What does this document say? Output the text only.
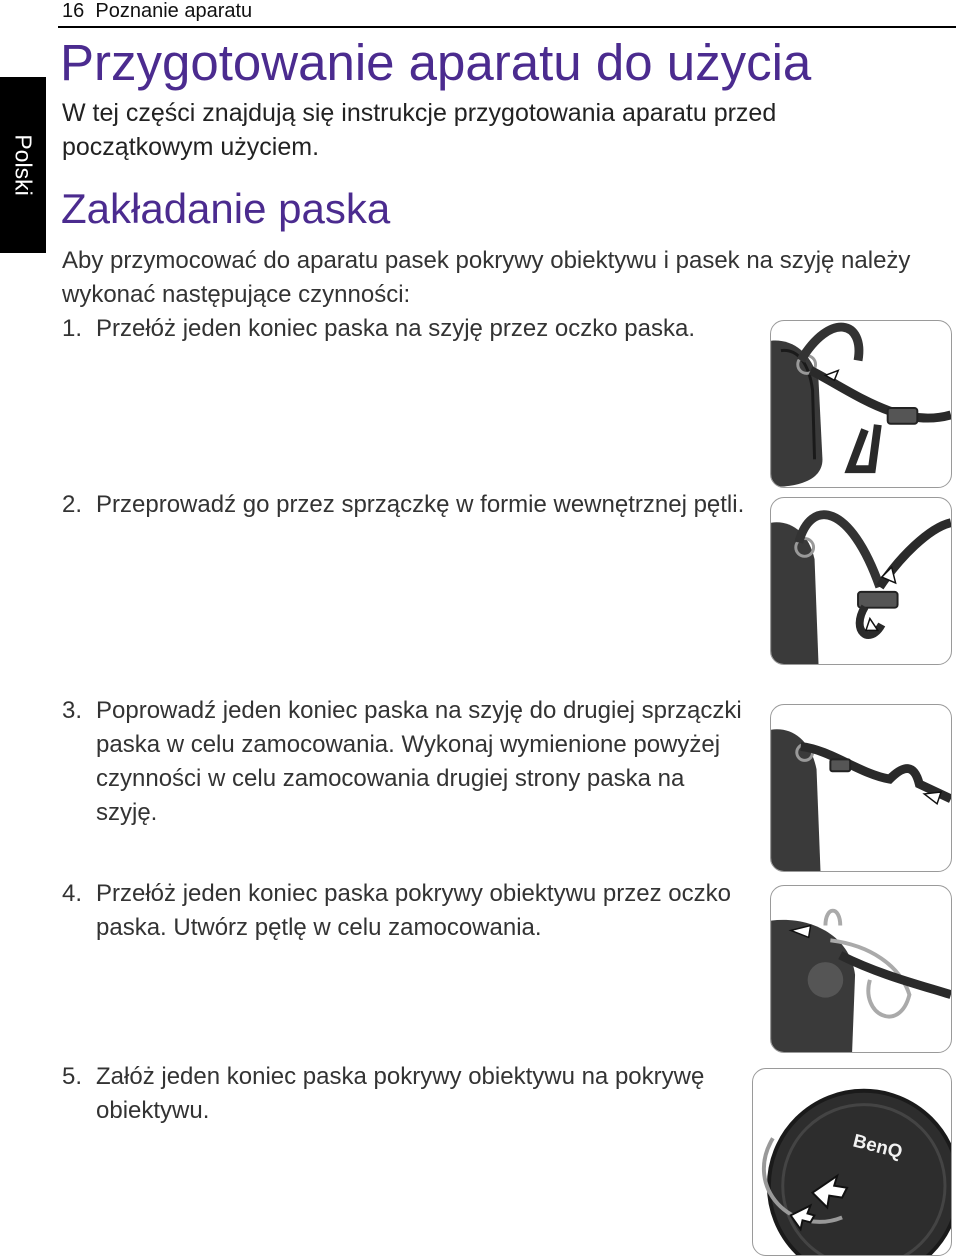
16 Poznanie aparatu
Polski
Przygotowanie aparatu do użycia
W tej części znajdują się instrukcje przygotowania aparatu przed początkowym użyciem.
Zakładanie paska
Aby przymocować do aparatu pasek pokrywy obiektywu i pasek na szyję należy wykonać następujące czynności:
1. Przełóż jeden koniec paska na szyję przez oczko paska.
2. Przeprowadź go przez sprzączkę w formie wewnętrznej pętli.
3. Poprowadź jeden koniec paska na szyję do drugiej sprzączki paska w celu zamocowania. Wykonaj wymienione powyżej czynności w celu zamocowania drugiej strony paska na szyję.
4. Przełóż jeden koniec paska pokrywy obiektywu przez oczko paska. Utwórz pętlę w celu zamocowania.
5. Załóż jeden koniec paska pokrywy obiektywu na pokrywę obiektywu.
BenQ
